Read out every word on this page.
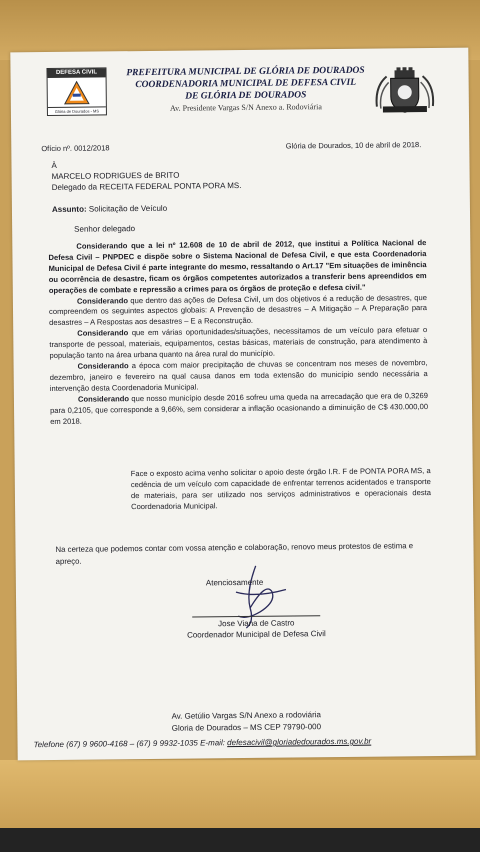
DEFESA CIVIL
Glória de Dourados - MS
PREFEITURA MUNICIPAL DE GLÓRIA DE DOURADOS
COORDENADORIA MUNICIPAL DE DEFESA CIVIL
DE GLÓRIA DE DOURADOS
Av. Presidente Vargas S/N Anexo a. Rodoviária
Ofício nº. 0012/2018	Glória de Dourados, 10 de abril de 2018.
À
MARCELO RODRIGUES de BRITO
Delegado da RECEITA FEDERAL PONTA PORA MS.
Assunto: Solicitação de Veículo
Senhor delegado

Considerando que a lei nº 12.608 de 10 de abril de 2012, que institui a Política Nacional de Defesa Civil – PNPDEC e dispõe sobre o Sistema Nacional de Defesa Civil, e que esta Coordenadoria Municipal de Defesa Civil é parte integrante do mesmo, ressaltando o Art.17 "Em situações de iminência ou ocorrência de desastre, ficam os órgãos competentes autorizados a transferir bens apreendidos em operações de combate e repressão a crimes para os órgãos de proteção e defesa civil."

Considerando que dentro das ações de Defesa Civil, um dos objetivos é a redução de desastres, que compreendem os seguintes aspectos globais: A Prevenção de desastres – A Mitigação – A Preparação para desastres – A Respostas aos desastres – E a Reconstrução.

Considerando que em várias oportunidades/situações, necessitamos de um veículo para efetuar o transporte de pessoal, materiais, equipamentos, cestas básicas, materiais de construção, para atendimento à população tanto na área urbana quanto na área rural do município.

Considerando a época com maior precipitação de chuvas se concentram nos meses de novembro, dezembro, janeiro e fevereiro na qual causa danos em toda extensão do município sendo necessária a intervenção desta Coordenadoria Municipal.

Considerando que nosso município desde 2016 sofreu uma queda na arrecadação que era de 0,3269 para 0,2105, que corresponde a 9,66%, sem considerar a inflação ocasionando a diminuição de C$ 430.000,00 em 2018.

Face o exposto acima venho solicitar o apoio deste órgão I.R. F de PONTA PORA MS, a cedência de um veículo com capacidade de enfrentar terrenos acidentados e transporte de materiais, para ser utilizado nos serviços administrativos e operacionais desta Coordenadoria Municipal.
Na certeza que podemos contar com vossa atenção e colaboração, renovo meus protestos de estima e apreço.
Atenciosamente
Jose Viana de Castro
Coordenador Municipal de Defesa Civil
Av. Getúlio Vargas S/N Anexo a rodoviária
Gloria de Dourados – MS CEP 79790-000
Telefone (67) 9 9600-4168 – (67) 9 9932-1035 E-mail: defesacivil@gloriadedourados.ms.gov.br
